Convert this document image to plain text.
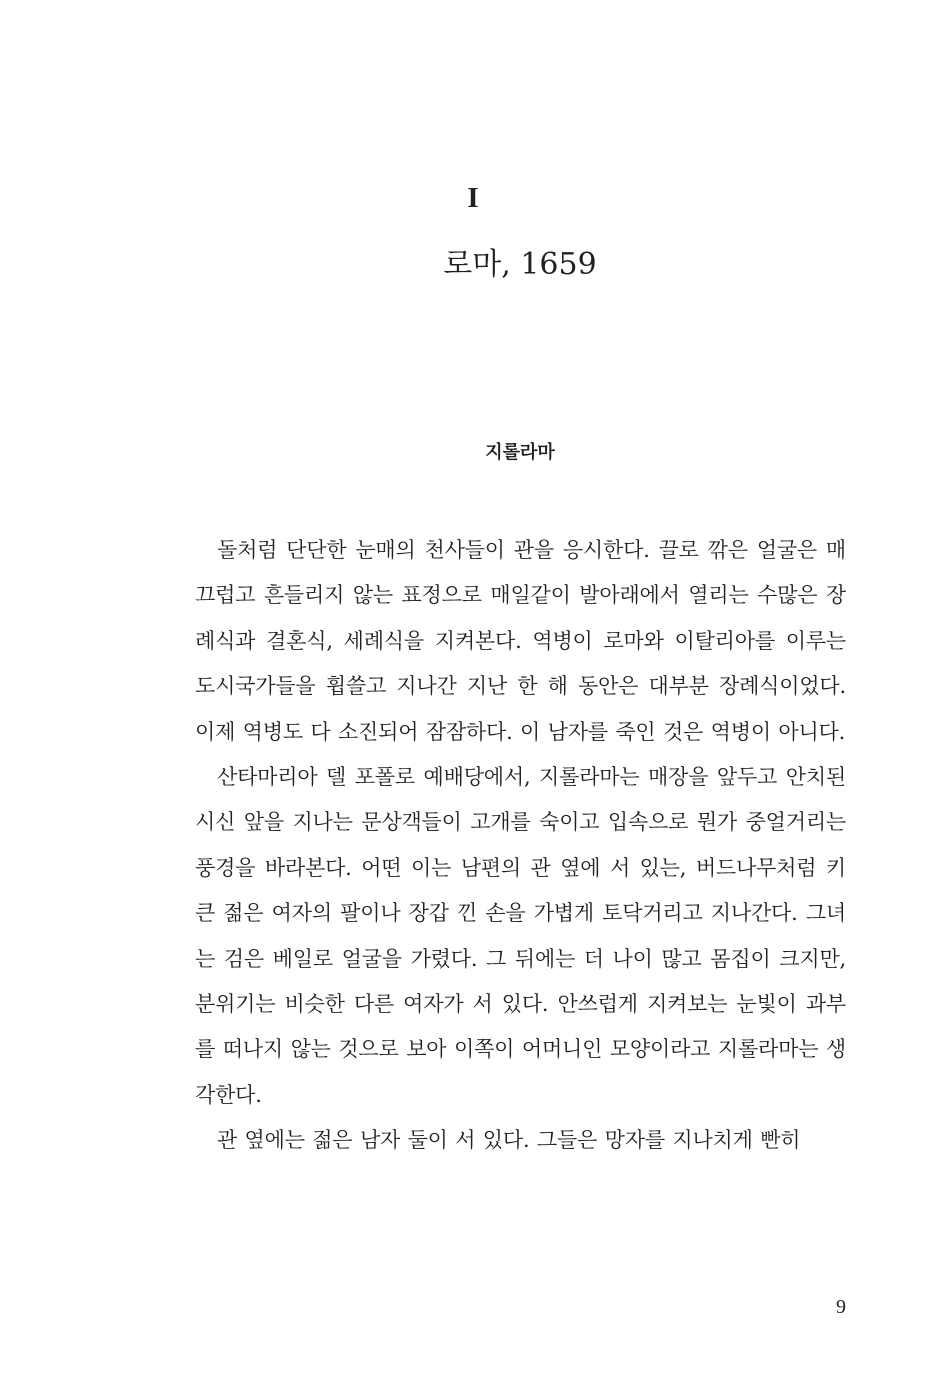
I
로마, 1659
지롤라마

돌처럼 단단한 눈매의 천사들이 관을 응시한다. 끌로 깎은 얼굴은 매끄럽고 흔들리지 않는 표정으로 매일같이 발아래에서 열리는 수많은 장례식과 결혼식, 세례식을 지켜본다. 역병이 로마와 이탈리아를 이루는 도시국가들을 휩쓸고 지나간 지난 한 해 동안은 대부분 장례식이었다. 이제 역병도 다 소진되어 잠잠하다. 이 남자를 죽인 것은 역병이 아니다.

산타마리아 델 포폴로 예배당에서, 지롤라마는 매장을 앞두고 안치된 시신 앞을 지나는 문상객들이 고개를 숙이고 입속으로 뭔가 중얼거리는 풍경을 바라본다. 어떤 이는 남편의 관 옆에 서 있는, 버드나무처럼 키 큰 젊은 여자의 팔이나 장갑 낀 손을 가볍게 토닥거리고 지나간다. 그녀는 검은 베일로 얼굴을 가렸다. 그 뒤에는 더 나이 많고 몸집이 크지만, 분위기는 비슷한 다른 여자가 서 있다. 안쓰럽게 지켜보는 눈빛이 과부를 떠나지 않는 것으로 보아 이쪽이 어머니인 모양이라고 지롤라마는 생각한다.

관 옆에는 젊은 남자 둘이 서 있다. 그들은 망자를 지나치게 빤히

9
